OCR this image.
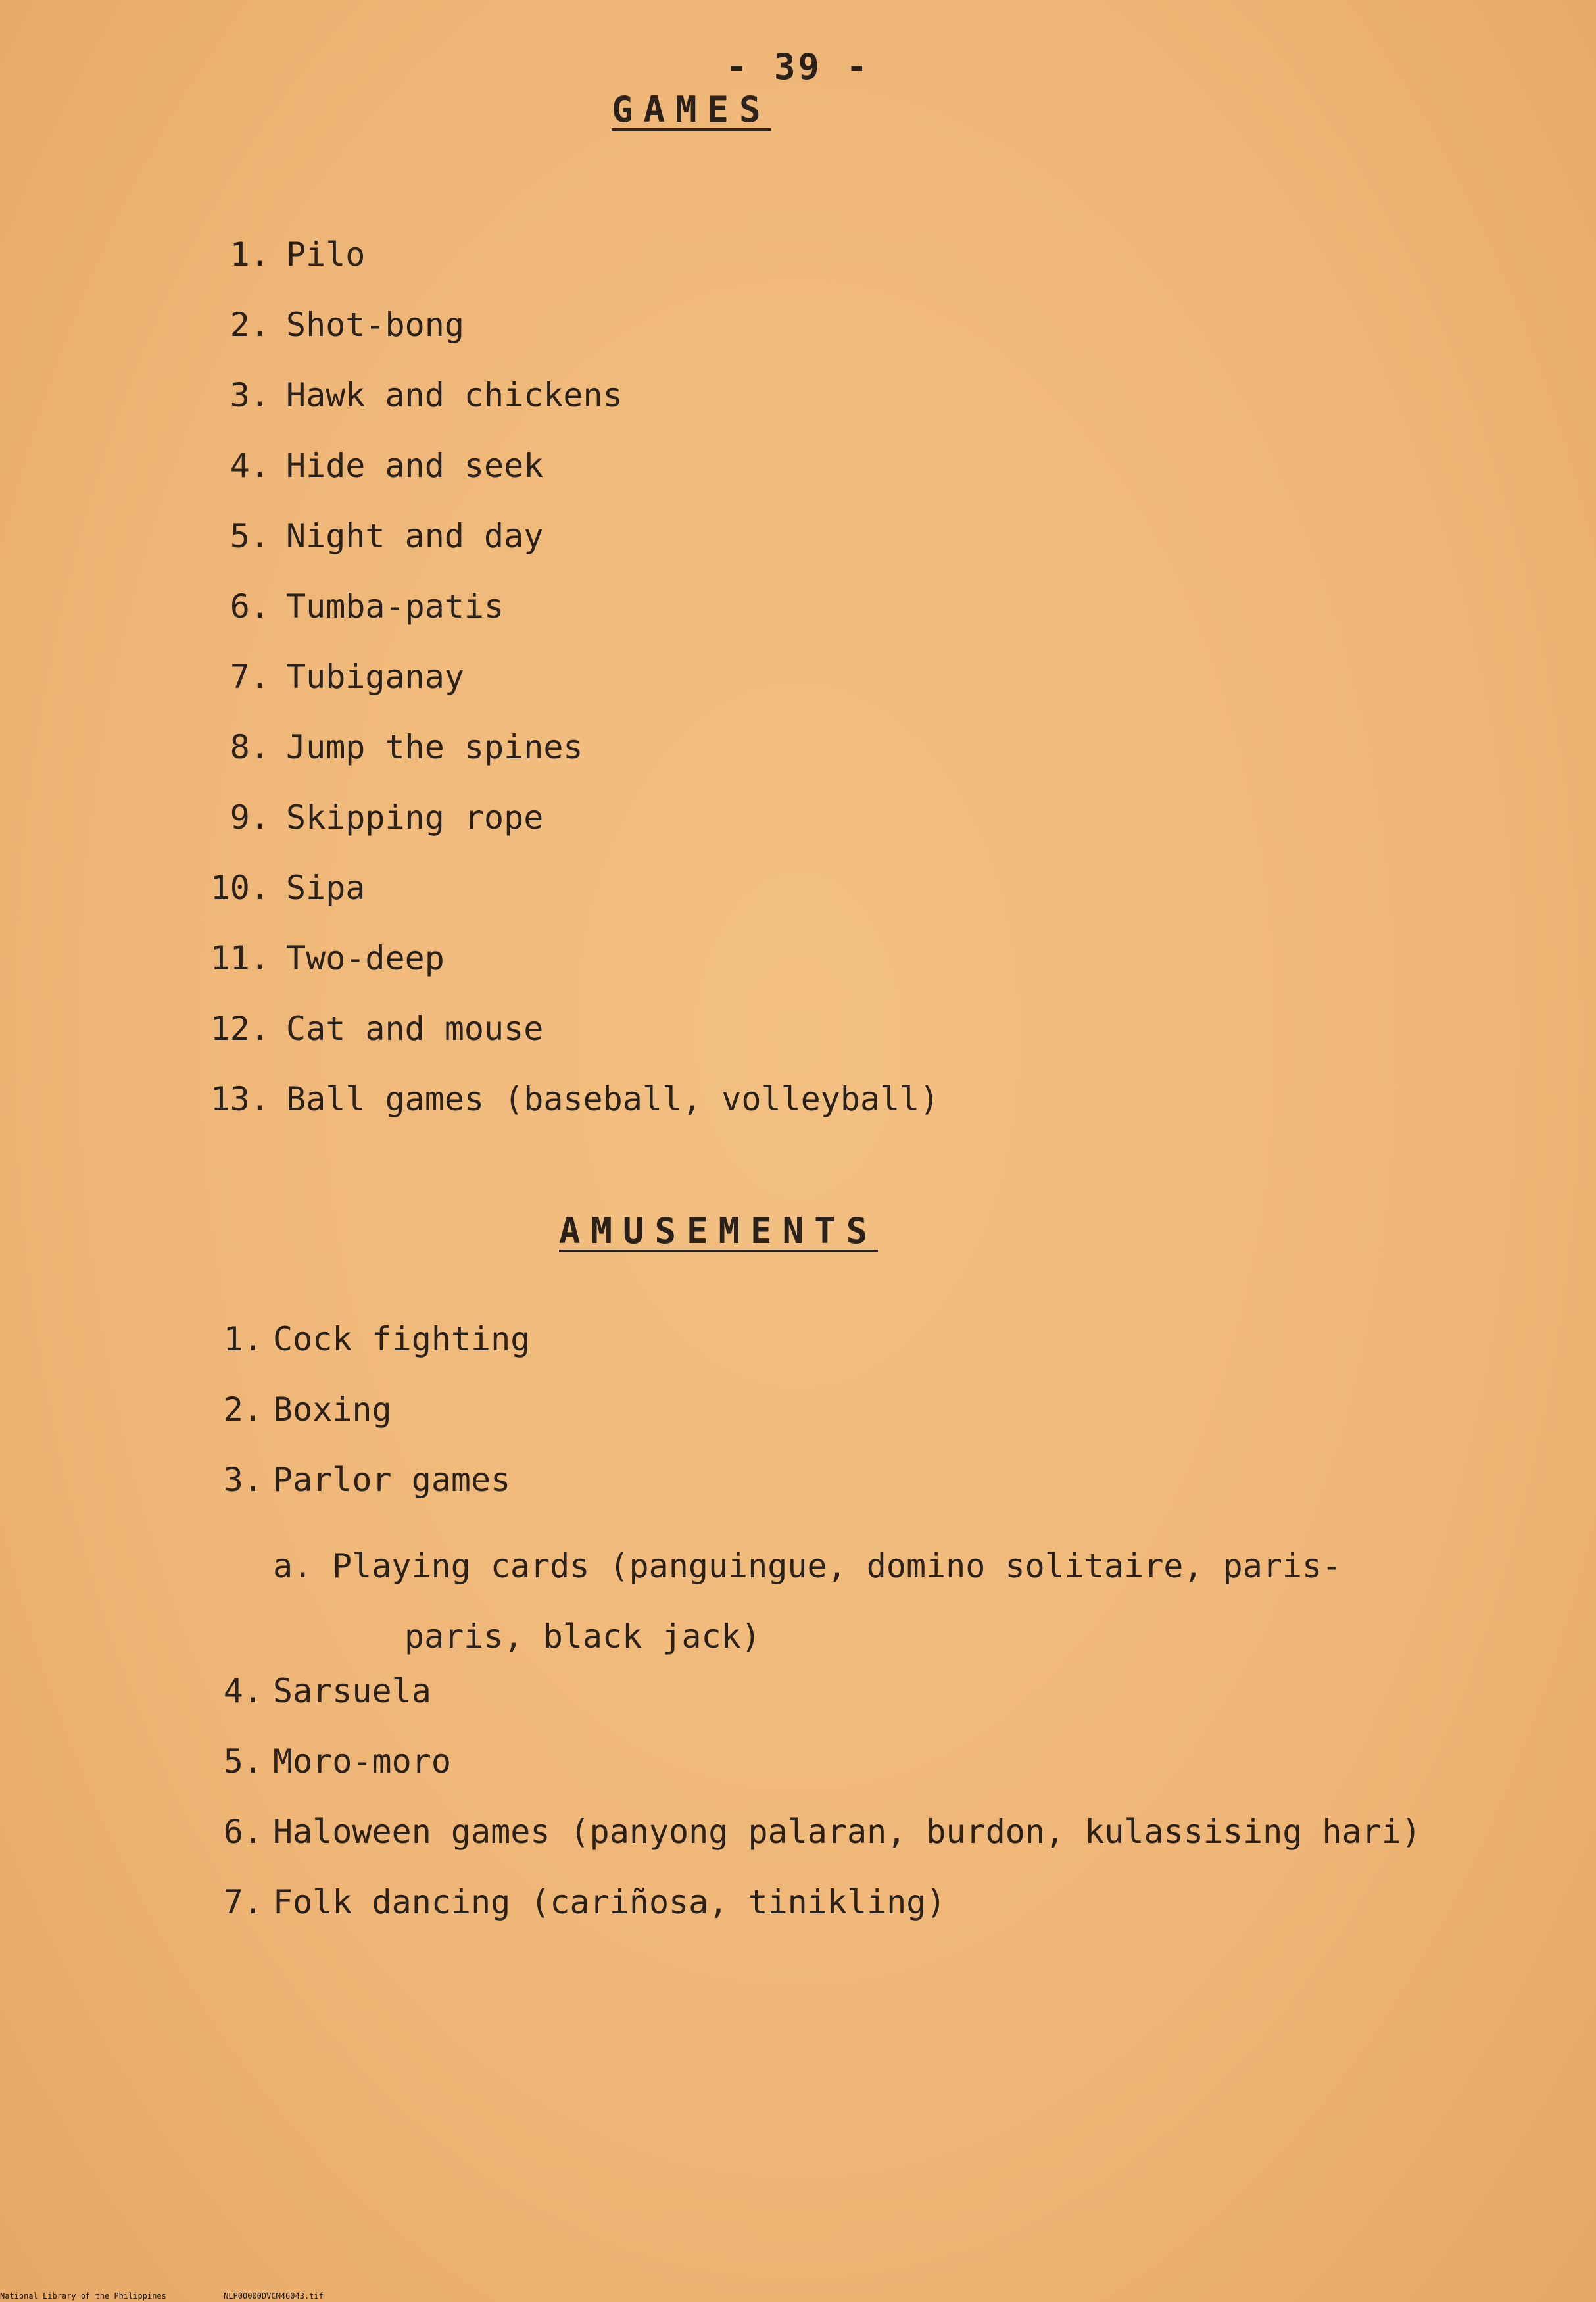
- 39 -
GAMES
1. Pilo
2. Shot-bong
3. Hawk and chickens
4. Hide and seek
5. Night and day
6. Tumba-patis
7. Tubiganay
8. Jump the spines
9. Skipping rope
10. Sipa
11. Two-deep
12. Cat and mouse
13. Ball games (baseball, volleyball)
AMUSEMENTS
1. Cock fighting
2. Boxing
3. Parlor games
a. Playing cards (panguingue, domino solitaire, paris-
paris, black jack)
4. Sarsuela
5. Moro-moro
6. Haloween games (panyong palaran, burdon, kulassising hari)
7. Folk dancing (cariñosa, tinikling)
National Library of the Philippines	NLP00000DVCM46043.tif
